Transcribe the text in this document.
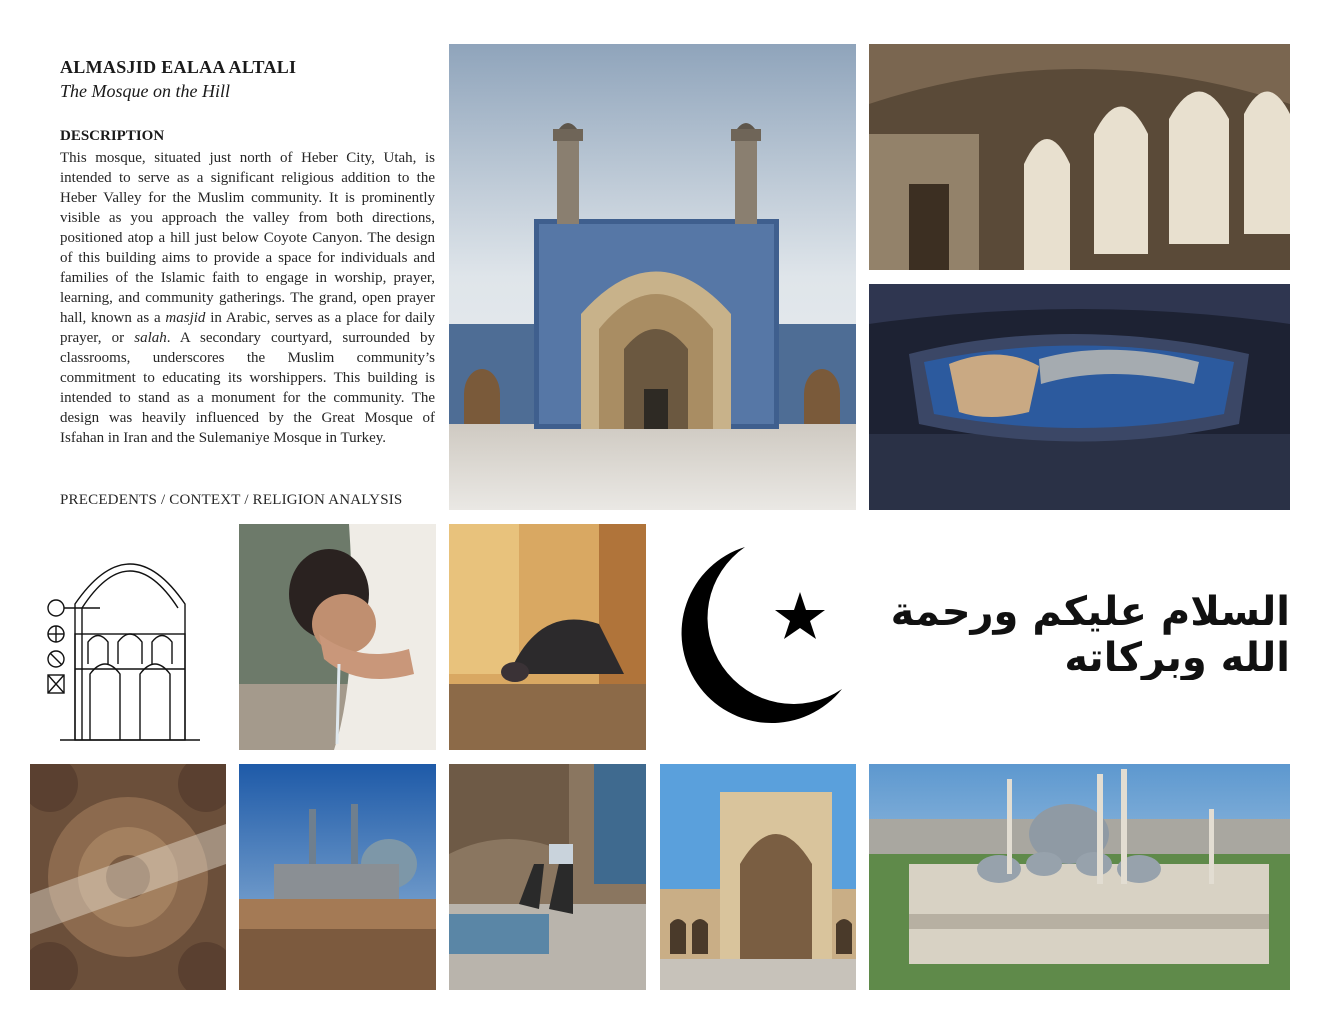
ALMASJID EALAA ALTALI
The Mosque on the Hill
DESCRIPTION
This mosque, situated just north of Heber City, Utah, is intended to serve as a significant religious addition to the Heber Valley for the Muslim community. It is prominently visible as you approach the valley from both directions, positioned atop a hill just below Coyote Canyon. The design of this building aims to provide a space for individuals and families of the Islamic faith to engage in worship, prayer, learning, and community gatherings. The grand, open prayer hall, known as a masjid in Arabic, serves as a place for daily prayer, or salah. A secondary courtyard, surrounded by classrooms, underscores the Muslim community’s commitment to educating its worshippers. This building is intended to stand as a monument for the community. The design was heavily influenced by the Great Mosque of Isfahan in Iran and the Sulemaniye Mosque in Turkey.
PRECEDENTS / CONTEXT / RELIGION ANALYSIS
السلام عليكم ورحمة الله وبركاته
